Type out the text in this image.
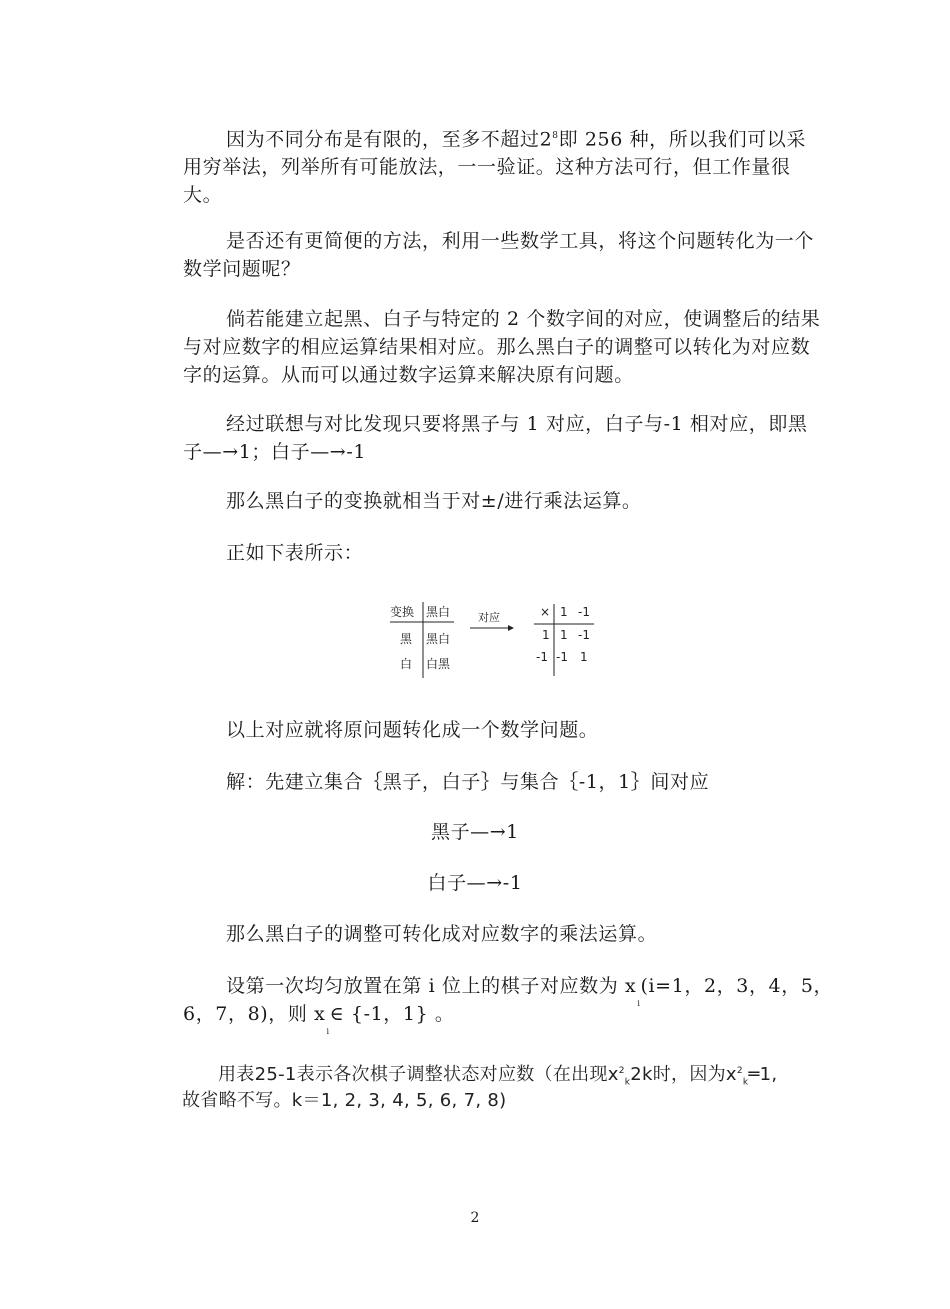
因为不同分布是有限的，至多不超过$2^8$即 256 种，所以我们可以采用穷举法，列举所有可能放法，一一验证。这种方法可行，但工作量很大。

是否还有更简便的方法，利用一些数学工具，将这个问题转化为一个数学问题呢？

倘若能建立起黑、白子与特定的 2 个数字间的对应，使调整后的结果与对应数字的相应运算结果相对应。那么黑白子的调整可以转化为对应数字的运算。从而可以通过数字运算来解决原有问题。

经过联想与对比发现只要将黑子与 1 对应，白子与-1 相对应，即黑子—→1；白子—→-1

那么黑白子的变换就相当于对±/进行乘法运算。

正如下表所示：

变换 黑白
黑 黑白
白 白黑
对应	× 1 -1
1 1 -1
-1 -1 1

以上对应就将原问题转化成一个数学问题。

解：先建立集合｛黑子，白子｝与集合｛-1，1｝间对应

黑子—→1

白子—→-1

那么黑白子的调整可转化成对应数字的乘法运算。

设第一次均匀放置在第 i 位上的棋子对应数为 $x_i(i=1$，2，3，4，5，

6，7，8)，则 $x_i\in$ {-1，1} 。

用表25-1表示各次棋子调整状态对应数（在出现$x^2_k2k$时，因为$x^2_k═1$,
故省略不写。k＝1, 2, 3, 4, 5, 6, 7, 8)
2
